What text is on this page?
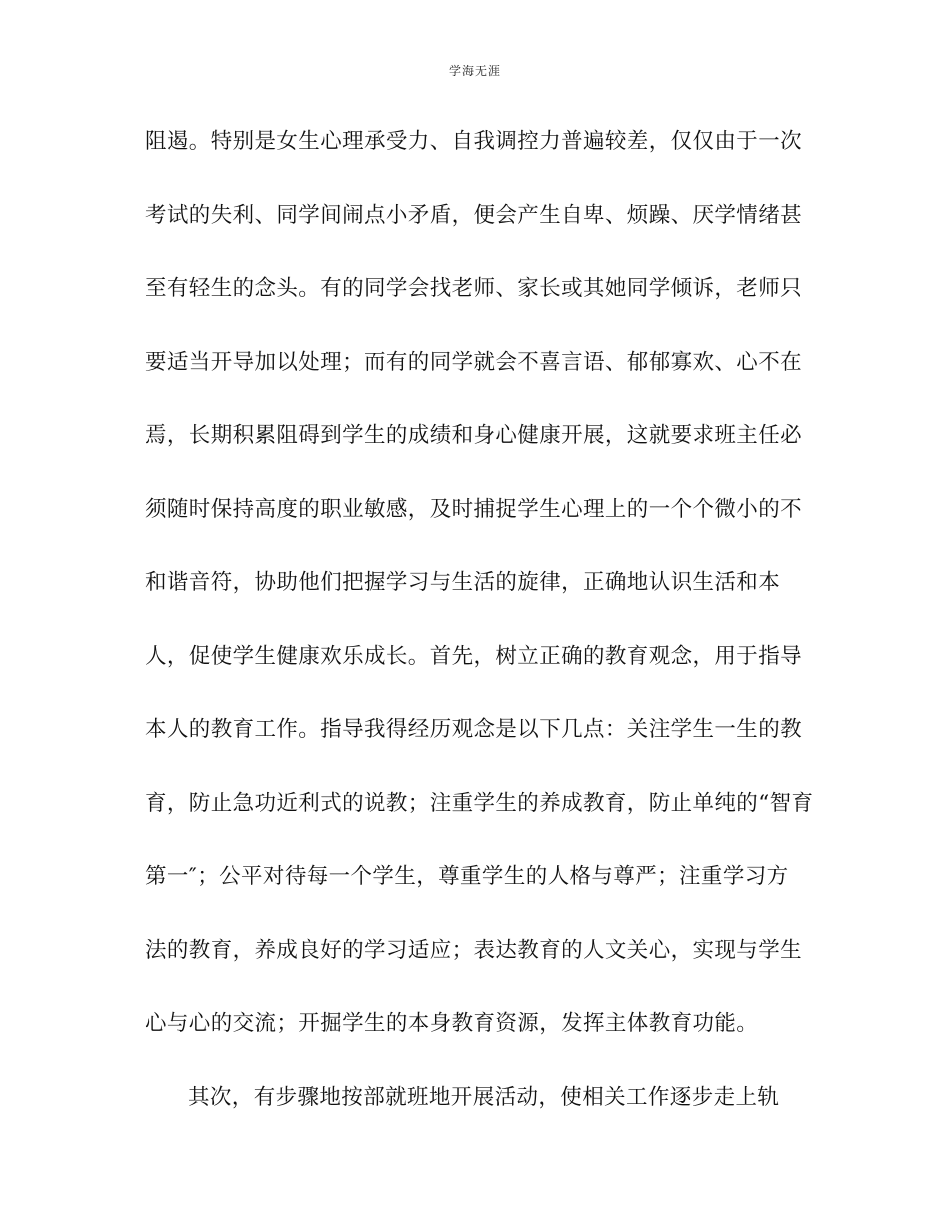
学海无涯
阻遏。特别是女生心理承受力、自我调控力普遍较差，仅仅由于一次
考试的失利、同学间闹点小矛盾，便会产生自卑、烦躁、厌学情绪甚
至有轻生的念头。有的同学会找老师、家长或其她同学倾诉，老师只
要适当开导加以处理；而有的同学就会不喜言语、郁郁寡欢、心不在
焉，长期积累阻碍到学生的成绩和身心健康开展，这就要求班主任必
须随时保持高度的职业敏感，及时捕捉学生心理上的一个个微小的不
和谐音符，协助他们把握学习与生活的旋律，正确地认识生活和本
人，促使学生健康欢乐成长。首先，树立正确的教育观念，用于指导
本人的教育工作。指导我得经历观念是以下几点：关注学生一生的教
育，防止急功近利式的说教；注重学生的养成教育，防止单纯的“智育
第一″；公平对待每一个学生，尊重学生的人格与尊严；注重学习方
法的教育，养成良好的学习适应；表达教育的人文关心，实现与学生
心与心的交流；开掘学生的本身教育资源，发挥主体教育功能。
其次，有步骤地按部就班地开展活动，使相关工作逐步走上轨
